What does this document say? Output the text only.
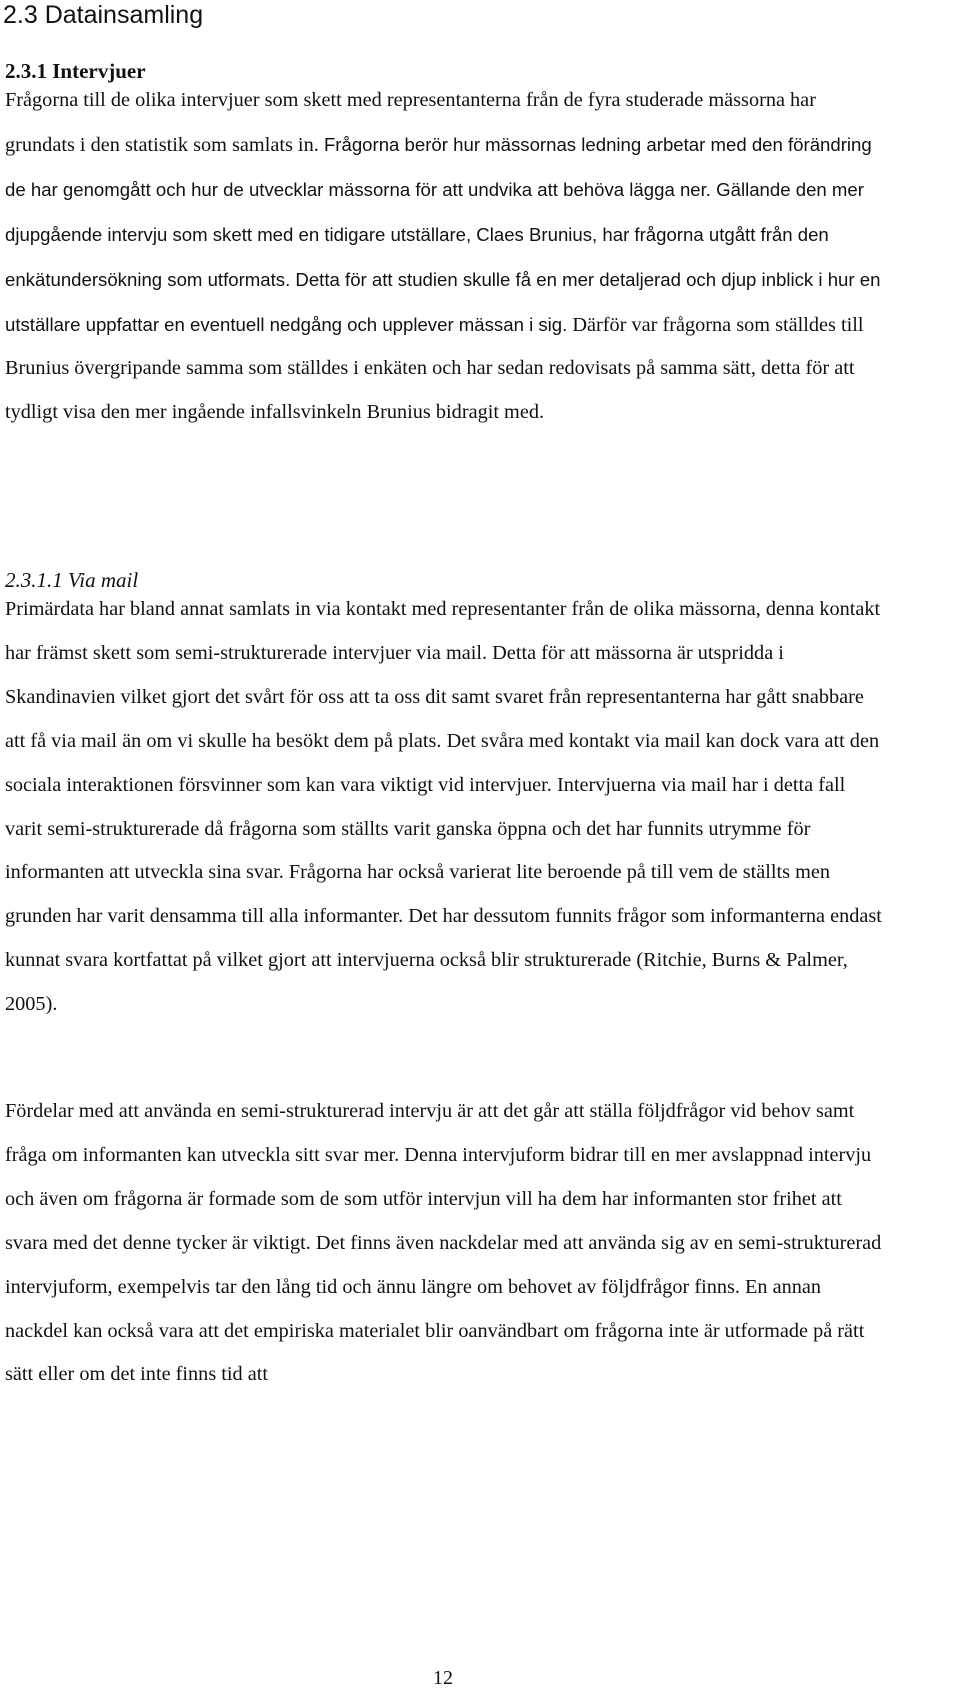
2.3 Datainsamling
2.3.1 Intervjuer

Frågorna till de olika intervjuer som skett med representanterna från de fyra studerade mässorna har grundats i den statistik som samlats in. Frågorna berör hur mässornas ledning arbetar med den förändring de har genomgått och hur de utvecklar mässorna för att undvika att behöva lägga ner. Gällande den mer djupgående intervju som skett med en tidigare utställare, Claes Brunius, har frågorna utgått från den enkätundersökning som utformats. Detta för att studien skulle få en mer detaljerad och djup inblick i hur en utställare uppfattar en eventuell nedgång och upplever mässan i sig. Därför var frågorna som ställdes till Brunius övergripande samma som ställdes i enkäten och har sedan redovisats på samma sätt, detta för att tydligt visa den mer ingående infallsvinkeln Brunius bidragit med.

2.3.1.1 Via mail

Primärdata har bland annat samlats in via kontakt med representanter från de olika mässorna, denna kontakt har främst skett som semi-strukturerade intervjuer via mail. Detta för att mässorna är utspridda i Skandinavien vilket gjort det svårt för oss att ta oss dit samt svaret från representanterna har gått snabbare att få via mail än om vi skulle ha besökt dem på plats. Det svåra med kontakt via mail kan dock vara att den sociala interaktionen försvinner som kan vara viktigt vid intervjuer. Intervjuerna via mail har i detta fall varit semi-strukturerade då frågorna som ställts varit ganska öppna och det har funnits utrymme för informanten att utveckla sina svar. Frågorna har också varierat lite beroende på till vem de ställts men grunden har varit densamma till alla informanter. Det har dessutom funnits frågor som informanterna endast kunnat svara kortfattat på vilket gjort att intervjuerna också blir strukturerade (Ritchie, Burns & Palmer, 2005).

Fördelar med att använda en semi-strukturerad intervju är att det går att ställa följdfrågor vid behov samt fråga om informanten kan utveckla sitt svar mer. Denna intervjuform bidrar till en mer avslappnad intervju och även om frågorna är formade som de som utför intervjun vill ha dem har informanten stor frihet att svara med det denne tycker är viktigt. Det finns även nackdelar med att använda sig av en semi-strukturerad intervjuform, exempelvis tar den lång tid och ännu längre om behovet av följdfrågor finns. En annan nackdel kan också vara att det empiriska materialet blir oanvändbart om frågorna inte är utformade på rätt sätt eller om det inte finns tid att

12
